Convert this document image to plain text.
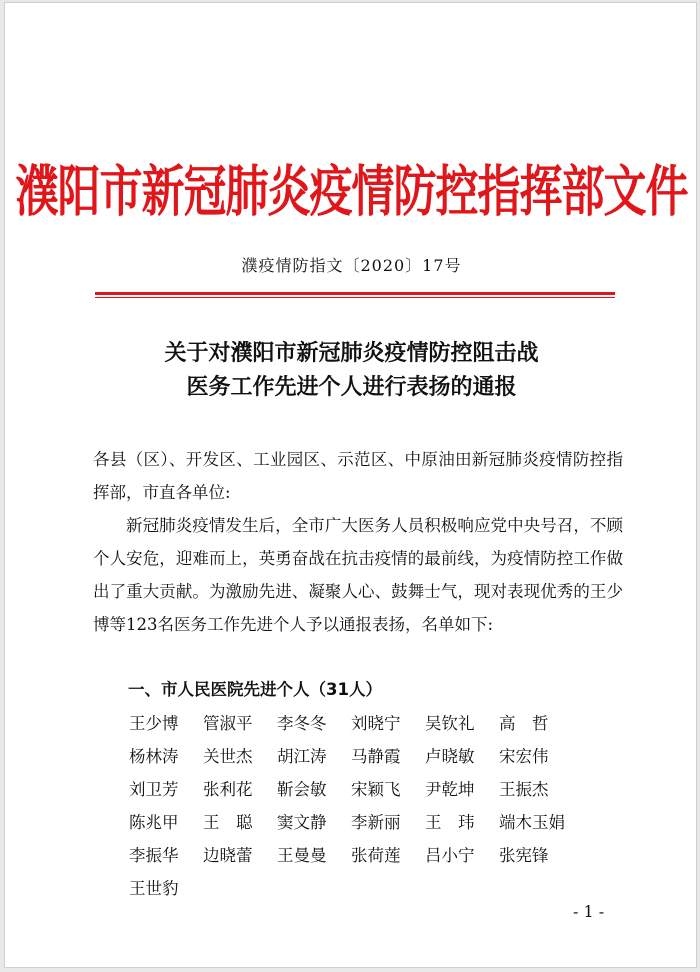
濮阳市新冠肺炎疫情防控指挥部文件
濮疫情防指文〔2020〕17号
关于对濮阳市新冠肺炎疫情防控阻击战
医务工作先进个人进行表扬的通报
各县（区）、开发区、工业园区、示范区、中原油田新冠肺炎疫情防控指挥部，市直各单位:
新冠肺炎疫情发生后，全市广大医务人员积极响应党中央号召，不顾个人安危，迎难而上，英勇奋战在抗击疫情的最前线，为疫情防控工作做出了重大贡献。为激励先进、凝聚人心、鼓舞士气，现对表现优秀的王少博等123名医务工作先进个人予以通报表扬，名单如下:
一、市人民医院先进个人（31人）
王少博	管淑平	李冬冬	刘晓宁	吴钦礼	高哲
杨林涛	关世杰	胡江涛	马静霞	卢晓敏	宋宏伟
刘卫芳	张利花	靳会敏	宋颖飞	尹乾坤	王振杰
陈兆甲	王聪 窦文静	李新丽	王玮 端木玉娟
李振华	边晓蕾	王曼曼	张荷莲	吕小宁	张宪锋
王世豹
- 1 -
